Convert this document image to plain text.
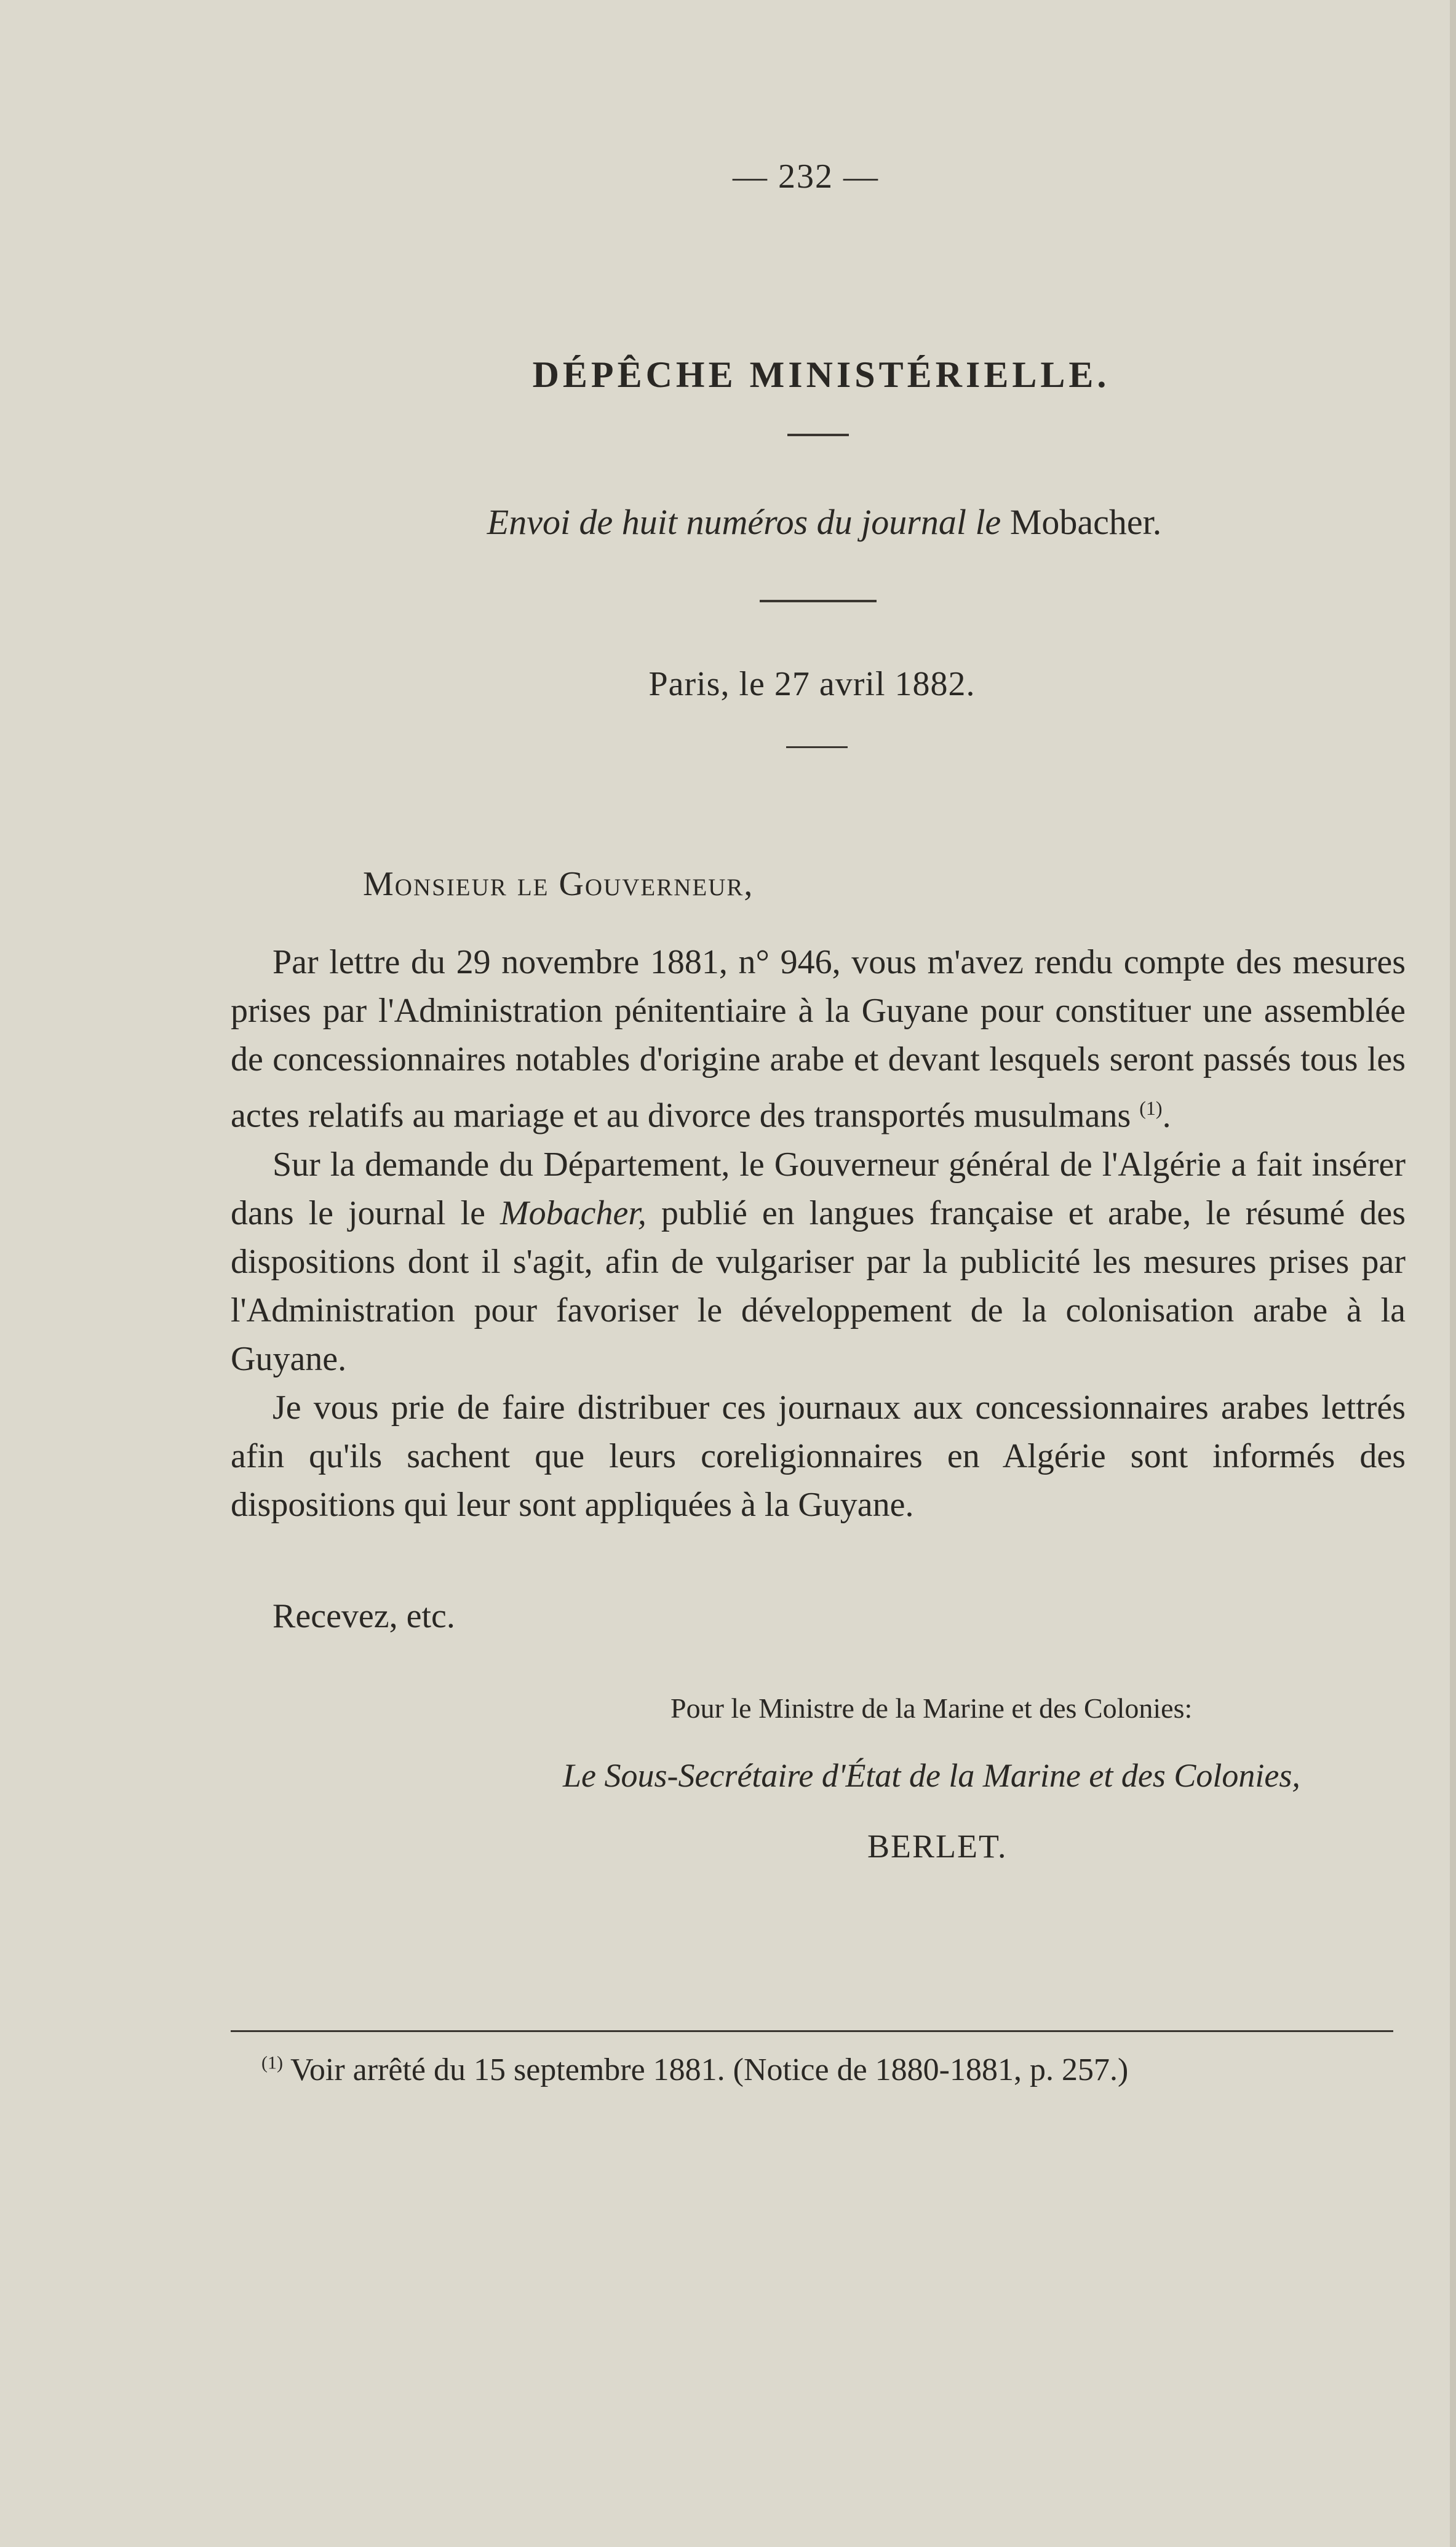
— 232 —
DÉPÊCHE MINISTÉRIELLE.
Envoi de huit numéros du journal le Mobacher.
Paris, le 27 avril 1882.
Monsieur le Gouverneur,

Par lettre du 29 novembre 1881, n° 946, vous m'avez rendu compte des mesures prises par l'Administration pénitentiaire à la Guyane pour constituer une assemblée de concessionnaires notables d'origine arabe et devant lesquels seront passés tous les actes relatifs au mariage et au divorce des transportés musulmans $^{(1)}$.

Sur la demande du Département, le Gouverneur général de l'Algérie a fait insérer dans le journal le Mobacher, publié en langues française et arabe, le résumé des dispositions dont il s'agit, afin de vulgariser par la publicité les mesures prises par l'Administration pour favoriser le développement de la colonisation arabe à la Guyane.

Je vous prie de faire distribuer ces journaux aux concessionnaires arabes lettrés afin qu'ils sachent que leurs coreligionnaires en Algérie sont informés des dispositions qui leur sont appliquées à la Guyane.

Recevez, etc.
Pour le Ministre de la Marine et des Colonies:
Le Sous-Secrétaire d'État de la Marine et des Colonies,
BERLET.
$^{(1)}$ Voir arrêté du 15 septembre 1881. (Notice de 1880-1881, p. 257.)
